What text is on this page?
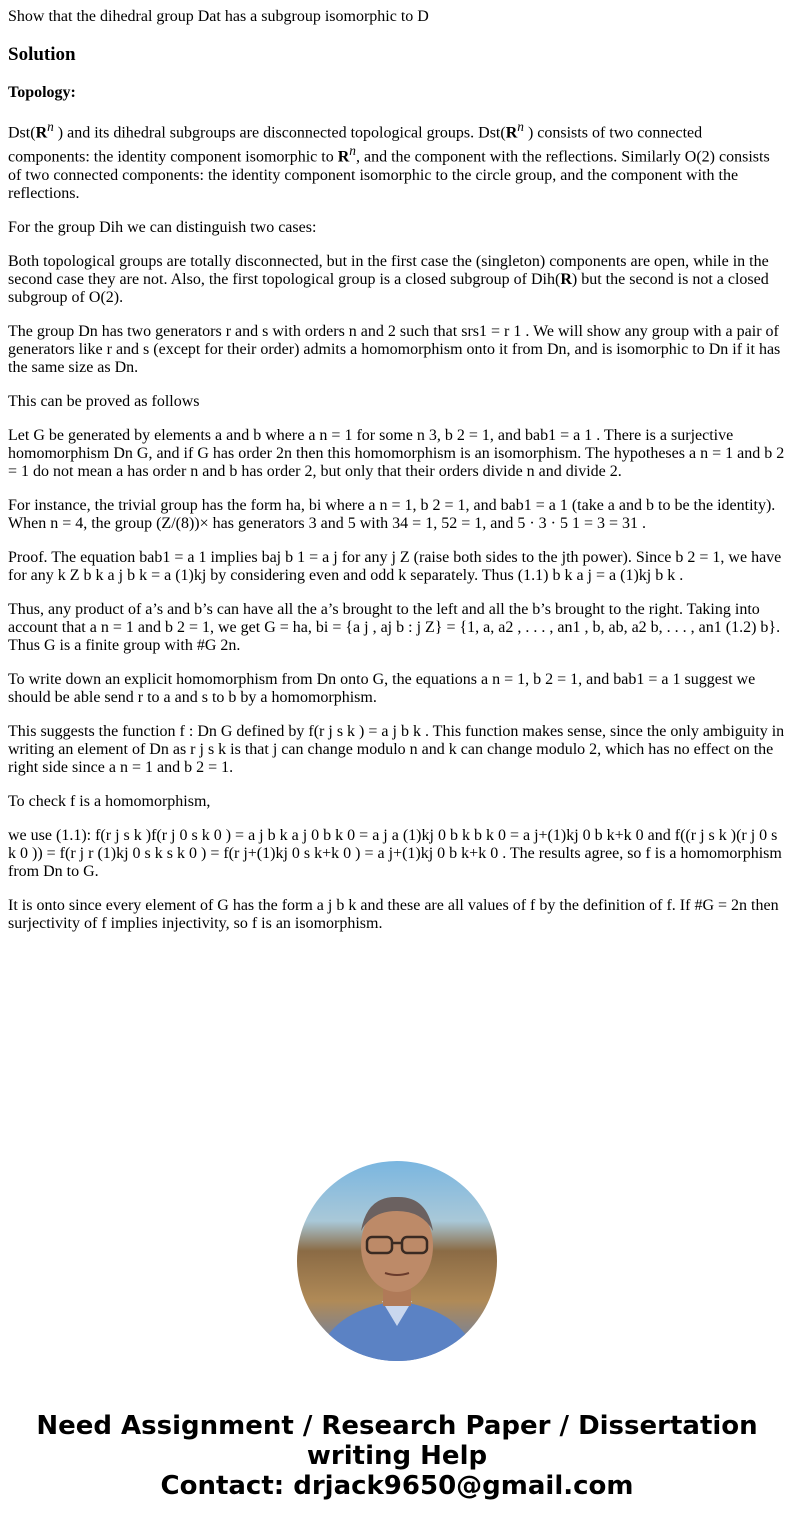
Show that the dihedral group Dat has a subgroup isomorphic to D
Solution

Topology:

$Dst(R^n$ ) and its dihedral subgroups are disconnected topological groups. $Dst(R^n$ ) consists of two connected components: the identity component isomorphic to $R^n$, and the component with the reflections. Similarly O(2) consists of two connected components: the identity component isomorphic to the circle group, and the component with the reflections.

For the group Dih we can distinguish two cases:

Both topological groups are totally disconnected, but in the first case the (singleton) components are open, while in the second case they are not. Also, the first topological group is a closed subgroup of Dih(R) but the second is not a closed subgroup of O(2).

The group Dn has two generators r and s with orders n and 2 such that srs1 = r 1 . We will show any group with a pair of generators like r and s (except for their order) admits a homomorphism onto it from Dn, and is isomorphic to Dn if it has the same size as Dn.

This can be proved as follows

Let G be generated by elements a and b where a n = 1 for some n 3, b 2 = 1, and bab1 = a 1 . There is a surjective homomorphism Dn G, and if G has order 2n then this homomorphism is an isomorphism. The hypotheses a n = 1 and b 2 = 1 do not mean a has order n and b has order 2, but only that their orders divide n and divide 2.

For instance, the trivial group has the form ha, bi where a n = 1, b 2 = 1, and bab1 = a 1 (take a and b to be the identity). When n = 4, the group (Z/(8))× has generators 3 and 5 with 34 = 1, 52 = 1, and 5 · 3 · 5 1 = 3 = 31 .

Proof. The equation bab1 = a 1 implies baj b 1 = a j for any j Z (raise both sides to the jth power). Since b 2 = 1, we have for any k Z b k a j b k = a (1)kj by considering even and odd k separately. Thus (1.1) b k a j = a (1)kj b k .

Thus, any product of a’s and b’s can have all the a’s brought to the left and all the b’s brought to the right. Taking into account that a n = 1 and b 2 = 1, we get G = ha, bi = {a j , aj b : j Z} = {1, a, a2 , . . . , an1 , b, ab, a2 b, . . . , an1 (1.2) b}. Thus G is a finite group with #G 2n.

To write down an explicit homomorphism from Dn onto G, the equations a n = 1, b 2 = 1, and bab1 = a 1 suggest we should be able send r to a and s to b by a homomorphism.

This suggests the function f : Dn G defined by f(r j s k ) = a j b k . This function makes sense, since the only ambiguity in writing an element of Dn as r j s k is that j can change modulo n and k can change modulo 2, which has no effect on the right side since a n = 1 and b 2 = 1.

To check f is a homomorphism,

we use (1.1): f(r j s k )f(r j 0 s k 0 ) = a j b k a j 0 b k 0 = a j a (1)kj 0 b k b k 0 = a j+(1)kj 0 b k+k 0 and f((r j s k )(r j 0 s k 0 )) = f(r j r (1)kj 0 s k s k 0 ) = f(r j+(1)kj 0 s k+k 0 ) = a j+(1)kj 0 b k+k 0 . The results agree, so f is a homomorphism from Dn to G.

It is onto since every element of G has the form a j b k and these are all values of f by the definition of f. If #G = 2n then surjectivity of f implies injectivity, so f is an isomorphism.

Need Assignment / Research Paper / Dissertation
writing Help
Contact: drjack9650@gmail.com
